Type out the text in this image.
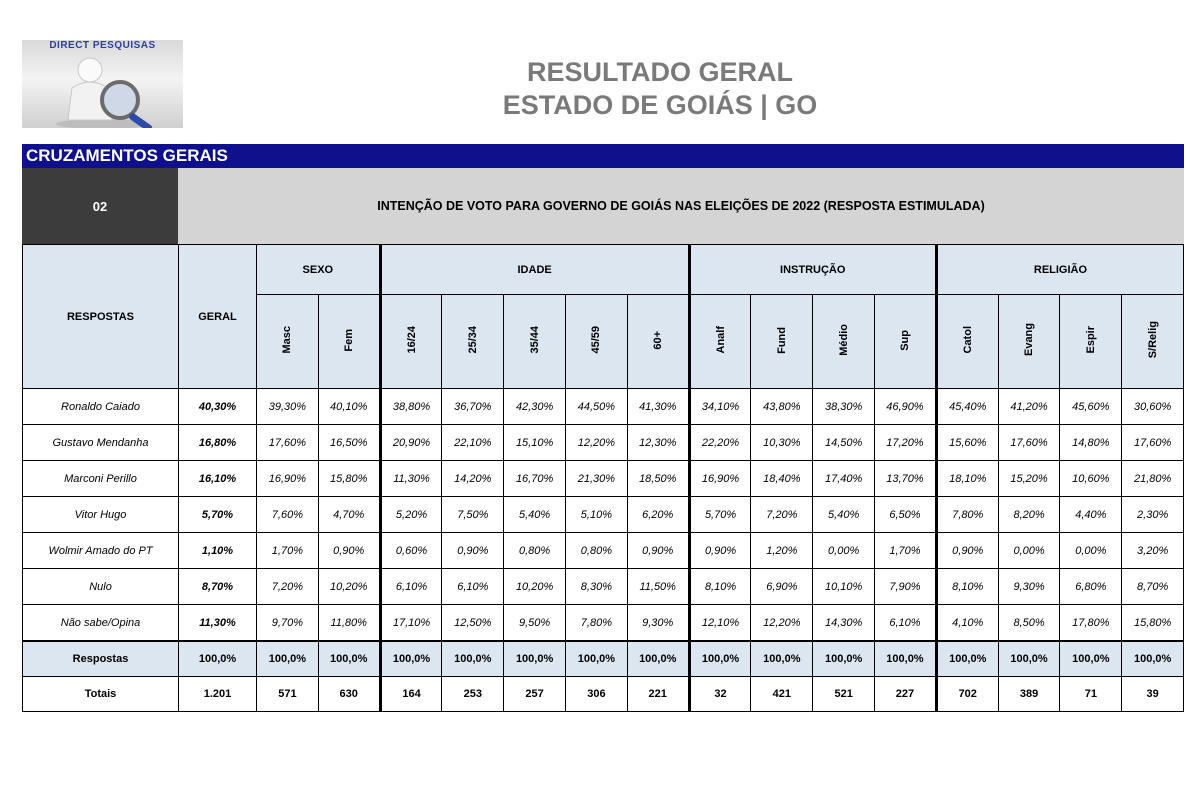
DIRECT PESQUISAS
RESULTADO GERAL
ESTADO DE GOIÁS | GO
CRUZAMENTOS GERAIS
02	INTENÇÃO DE VOTO PARA GOVERNO DE GOIÁS NAS ELEIÇÕES DE 2022 (RESPOSTA ESTIMULADA)
RESPOSTAS	GERAL	SEXO		IDADE					INSTRUÇÃO				RELIGIÃO			
		Masc	Fem	16/24	25/34	35/44	45/59	60+	Analf	Fund	Médio	Sup	Catol	Evang	Espir	S/Relig
Ronaldo Caiado	40,30%	39,30%	40,10%	38,80%	36,70%	42,30%	44,50%	41,30%	34,10%	43,80%	38,30%	46,90%	45,40%	41,20%	45,60%	30,60%
Gustavo Mendanha	16,80%	17,60%	16,50%	20,90%	22,10%	15,10%	12,20%	12,30%	22,20%	10,30%	14,50%	17,20%	15,60%	17,60%	14,80%	17,60%
Marconi Perillo	16,10%	16,90%	15,80%	11,30%	14,20%	16,70%	21,30%	18,50%	16,90%	18,40%	17,40%	13,70%	18,10%	15,20%	10,60%	21,80%
Vitor Hugo	5,70%	7,60%	4,70%	5,20%	7,50%	5,40%	5,10%	6,20%	5,70%	7,20%	5,40%	6,50%	7,80%	8,20%	4,40%	2,30%
Wolmir Amado do PT	1,10%	1,70%	0,90%	0,60%	0,90%	0,80%	0,80%	0,90%	0,90%	1,20%	0,00%	1,70%	0,90%	0,00%	0,00%	3,20%
Nulo	8,70%	7,20%	10,20%	6,10%	6,10%	10,20%	8,30%	11,50%	8,10%	6,90%	10,10%	7,90%	8,10%	9,30%	6,80%	8,70%
Não sabe/Opina	11,30%	9,70%	11,80%	17,10%	12,50%	9,50%	7,80%	9,30%	12,10%	12,20%	14,30%	6,10%	4,10%	8,50%	17,80%	15,80%
Respostas	100,0%	100,0%	100,0%	100,0%	100,0%	100,0%	100,0%	100,0%	100,0%	100,0%	100,0%	100,0%	100,0%	100,0%	100,0%	100,0%
Totais	1.201	571	630	164	253	257	306	221	32	421	521	227	702	389	71	39
